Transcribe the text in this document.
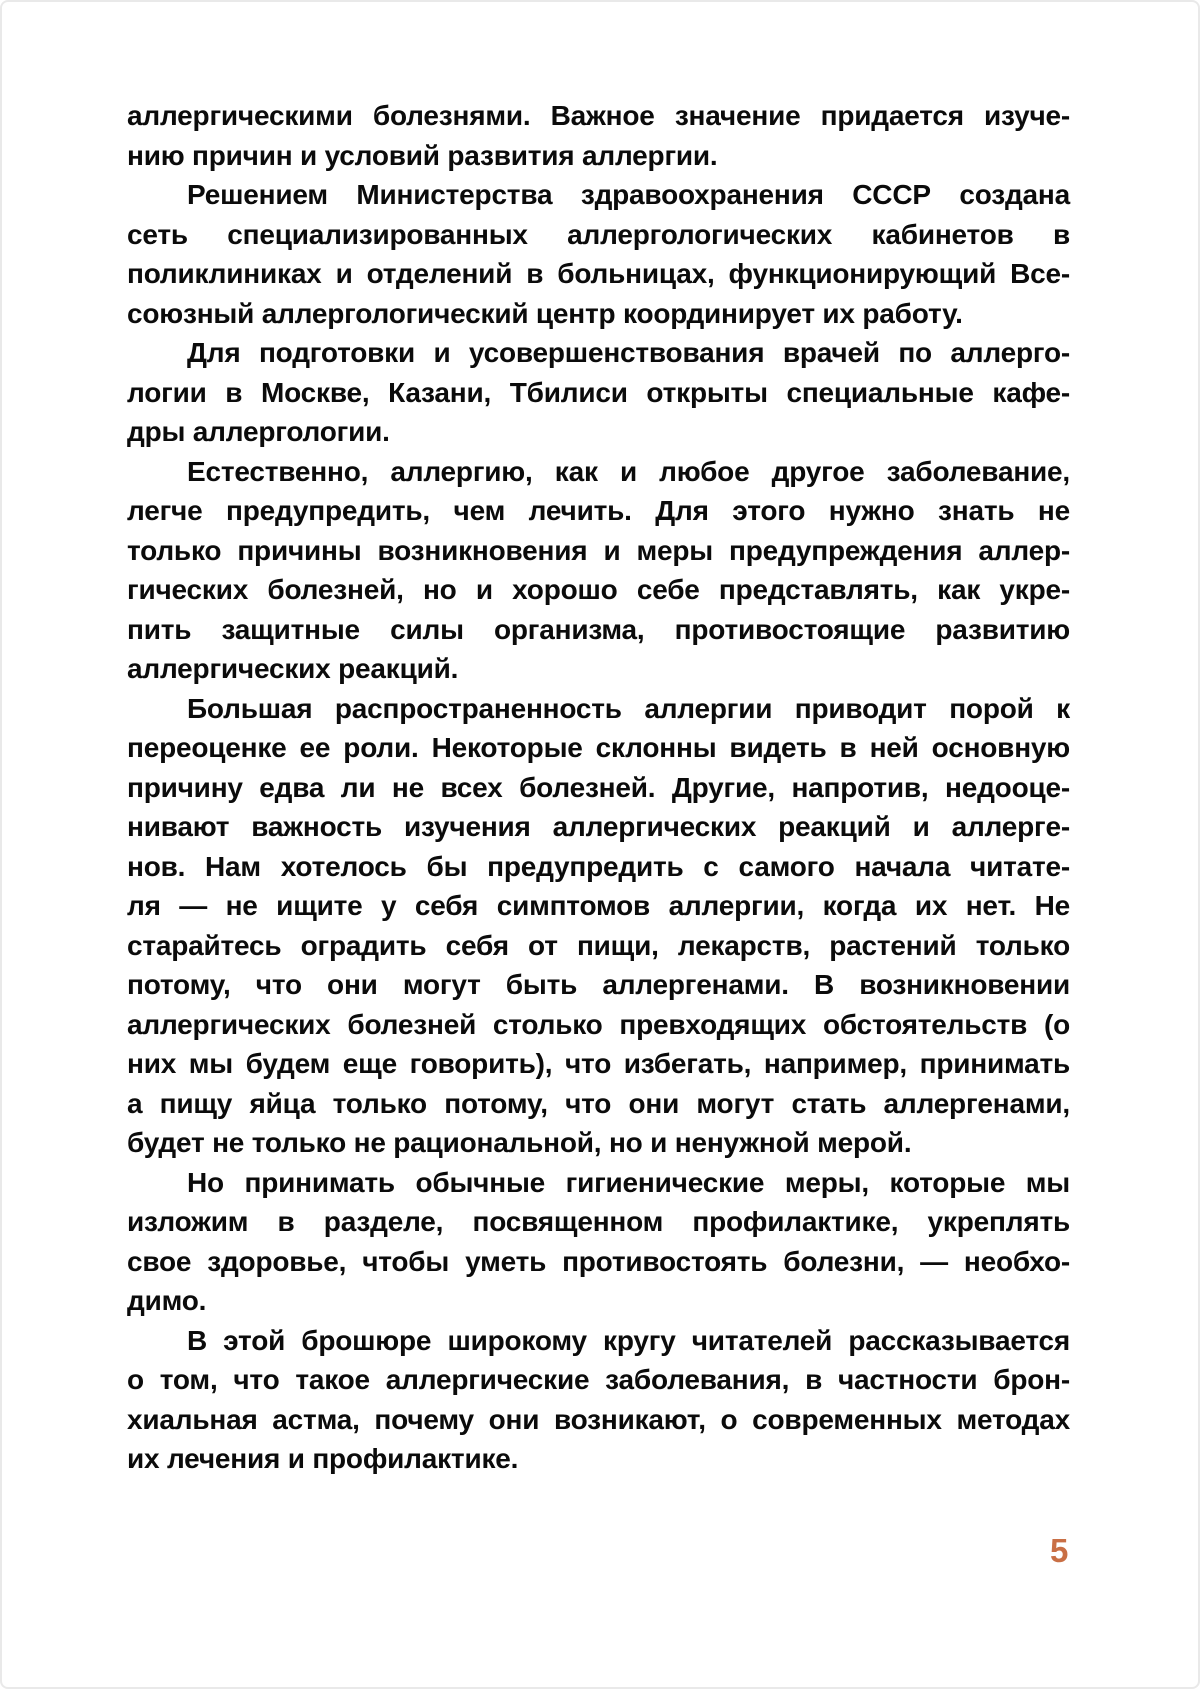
аллергическими болезнями. Важное значение придается изуче-
нию причин и условий развития аллергии.
Решением Министерства здравоохранения СССР создана
сеть специализированных аллергологических кабинетов в
поликлиниках и отделений в больницах, функционирующий Все-
союзный аллергологический центр координирует их работу.
Для подготовки и усовершенствования врачей по аллерго-
логии в Москве, Казани, Тбилиси открыты специальные кафе-
дры аллергологии.
Естественно, аллергию, как и любое другое заболевание,
легче предупредить, чем лечить. Для этого нужно знать не
только причины возникновения и меры предупреждения аллер-
гических болезней, но и хорошо себе представлять, как укре-
пить защитные силы организма, противостоящие развитию
аллергических реакций.
Большая распространенность аллергии приводит порой к
переоценке ее роли. Некоторые склонны видеть в ней основную
причину едва ли не всех болезней. Другие, напротив, недооце-
нивают важность изучения аллергических реакций и аллерге-
нов. Нам хотелось бы предупредить с самого начала читате-
ля — не ищите у себя симптомов аллергии, когда их нет. Не
старайтесь оградить себя от пищи, лекарств, растений только
потому, что они могут быть аллергенами. В возникновении
аллергических болезней столько превходящих обстоятельств (о
них мы будем еще говорить), что избегать, например, принимать
а пищу яйца только потому, что они могут стать аллергенами,
будет не только не рациональной, но и ненужной мерой.
Но принимать обычные гигиенические меры, которые мы
изложим в разделе, посвященном профилактике, укреплять
свое здоровье, чтобы уметь противостоять болезни, — необхо-
димо.
В этой брошюре широкому кругу читателей рассказывается
о том, что такое аллергические заболевания, в частности брон-
хиальная астма, почему они возникают, о современных методах
их лечения и профилактике.
5
